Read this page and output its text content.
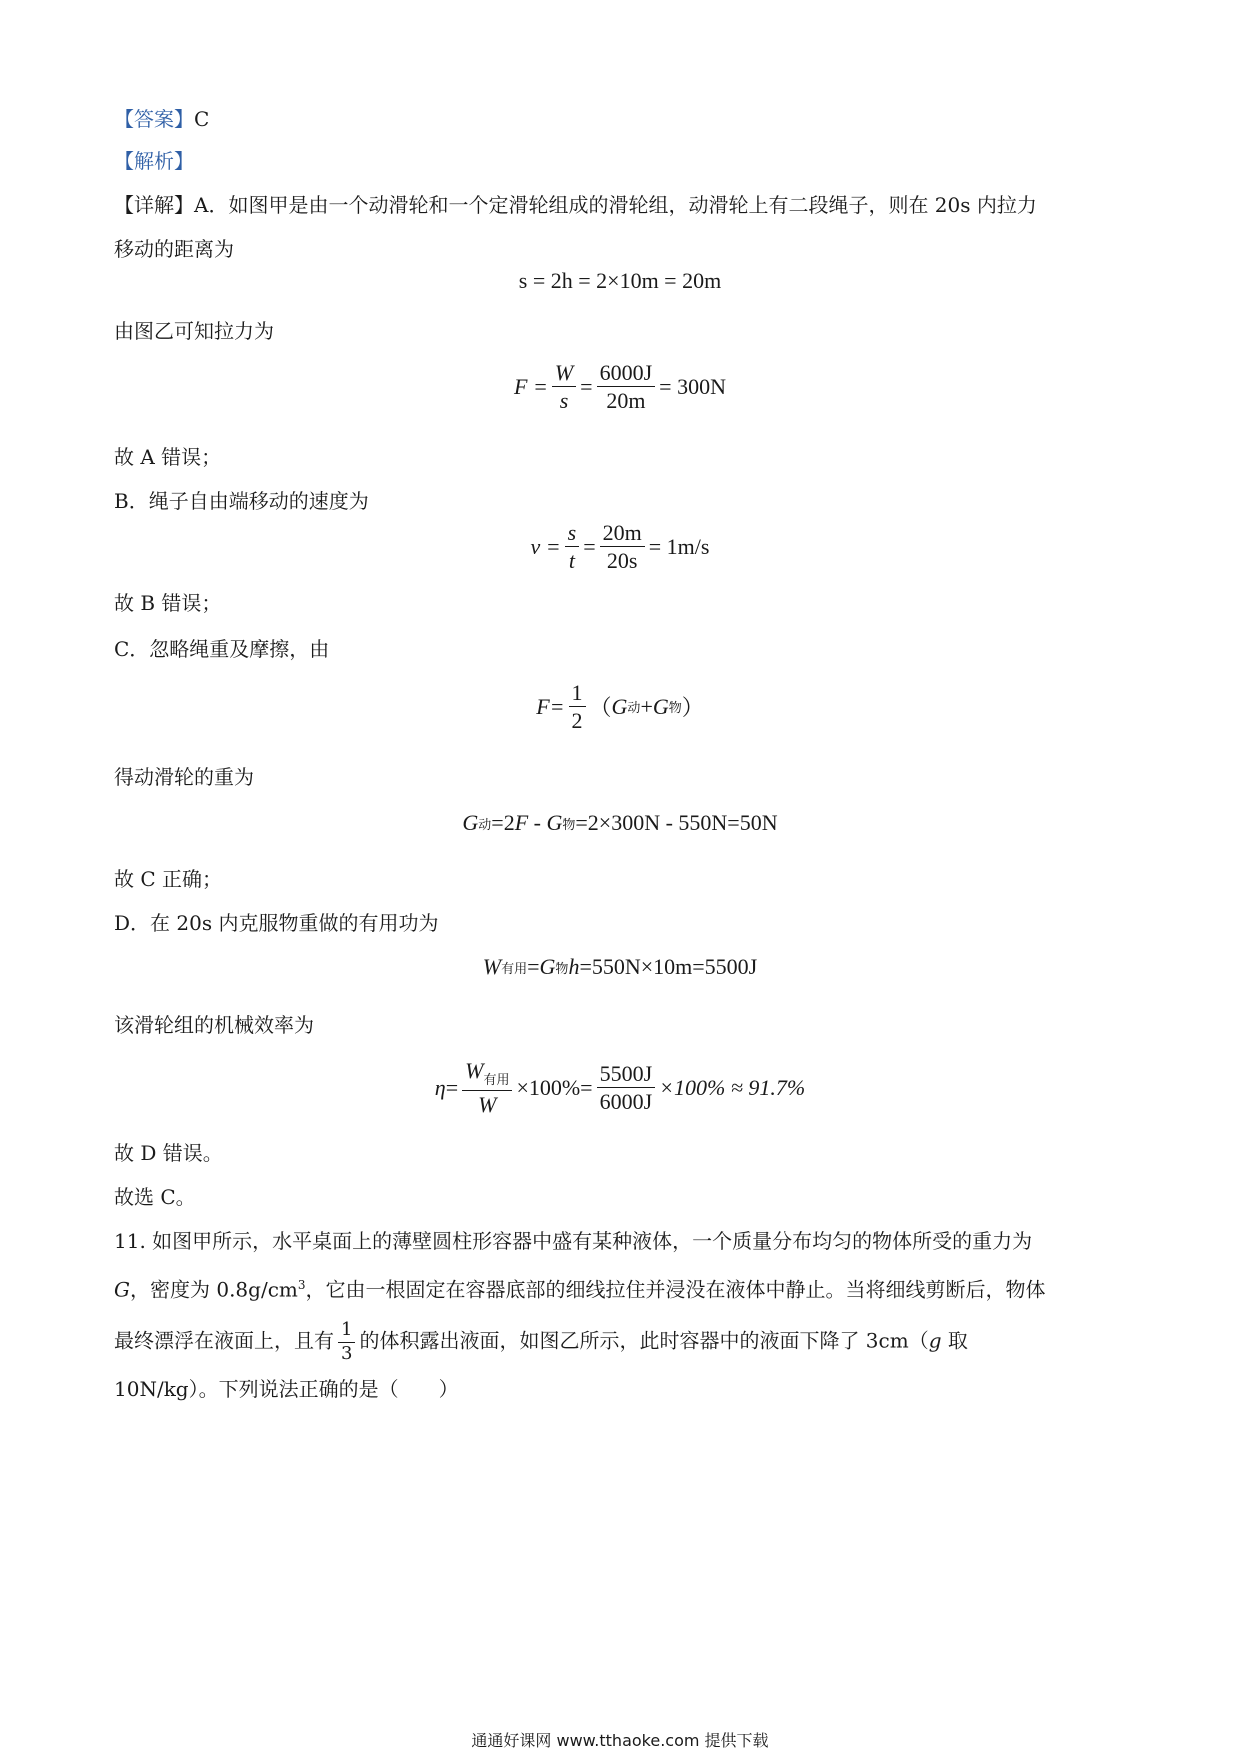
【答案】C
【解析】
【详解】A．如图甲是由一个动滑轮和一个定滑轮组成的滑轮组，动滑轮上有二段绳子，则在 20s 内拉力
移动的距离为
s = 2h = 2×10m = 20m
由图乙可知拉力为
$F = \frac{W}{s} = \frac{6000J}{20m} = 300N$
故 A 错误；
B．绳子自由端移动的速度为
$v = \frac{s}{t} = \frac{20m}{20s} = 1m/s$
故 B 错误；
C．忽略绳重及摩擦，由
$F= \frac{1}{2}$ （ G 动 + G 物 ）
得动滑轮的重为
G 动 =2 F - G 物 =2×300N - 550N=50N
故 C 正确；
D．在 20s 内克服物重做的有用功为
W 有用 = G 物 h =550N×10m=5500J
该滑轮组的机械效率为
$\eta = \frac{W_{有用}}{W} \times 100\%= \frac{5500J}{6000J} \times 100\% \approx 91.7\%$
故 D 错误。
故选 C。
11. 如图甲所示，水平桌面上的薄壁圆柱形容器中盛有某种液体，一个质量分布均匀的物体所受的重力为
G，密度为 $0.8g/cm^3$，它由一根固定在容器底部的细线拉住并浸没在液体中静止。当将细线剪断后，物体
最终漂浮在液面上，且有 $\frac{1}{3}$ 的体积露出液面，如图乙所示，此时容器中的液面下降了 3cm（g 取
10N/kg）。下列说法正确的是（　　）
通通好课网 www.tthaoke.com 提供下载
